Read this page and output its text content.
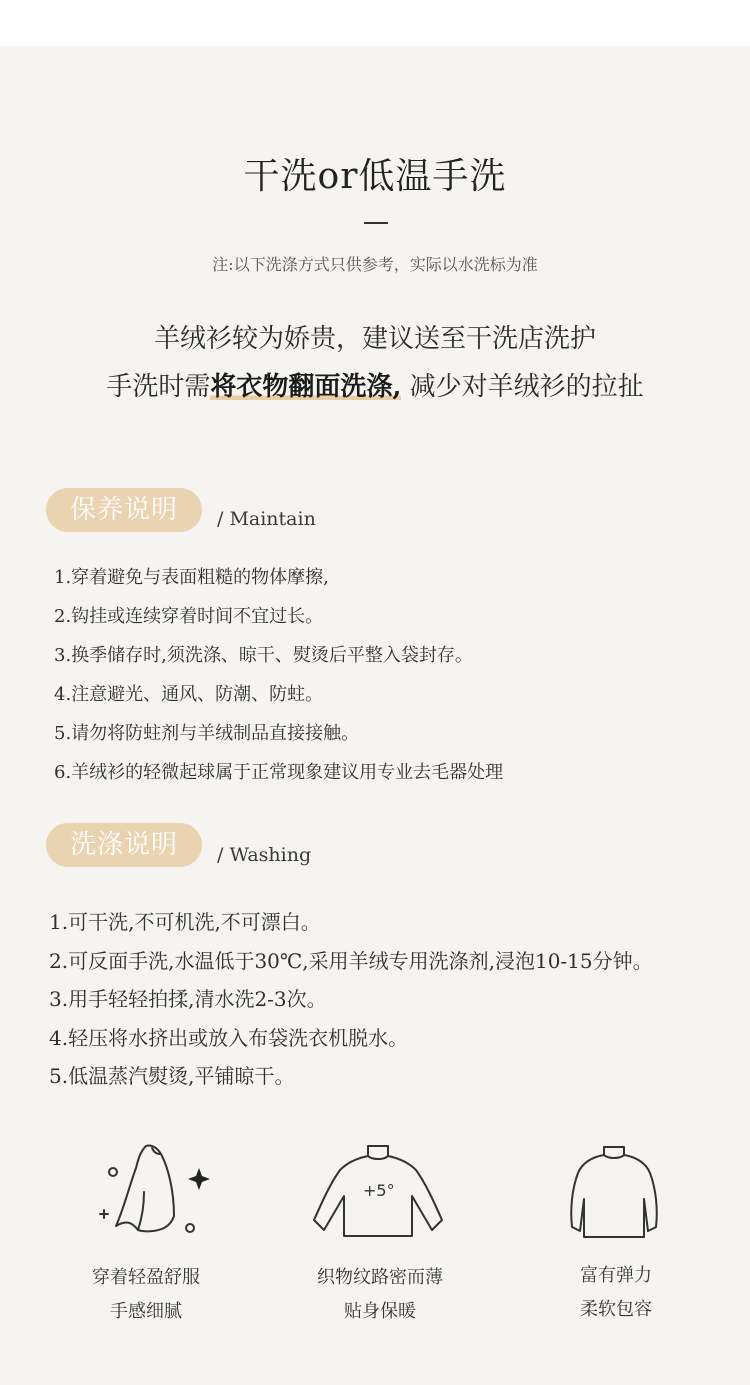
干洗or低温手洗
注:以下洗涤方式只供参考，实际以水洗标为准
羊绒衫较为娇贵，建议送至干洗店洗护
手洗时需将衣物翻面洗涤, 减少对羊绒衫的拉扯
保养说明	/ Maintain
1.穿着避免与表面粗糙的物体摩擦,
2.钩挂或连续穿着时间不宜过长。
3.换季储存时,须洗涤、晾干、熨烫后平整入袋封存。
4.注意避光、通风、防潮、防蛀。
5.请勿将防蛀剂与羊绒制品直接接触。
6.羊绒衫的轻微起球属于正常现象建议用专业去毛器处理
洗涤说明	/ Washing
1.可干洗,不可机洗,不可漂白。
2.可反面手洗,水温低于30℃,采用羊绒专用洗涤剂,浸泡10-15分钟。
3.用手轻轻拍揉,清水洗2-3次。
4.轻压将水挤出或放入布袋洗衣机脱水。
5.低温蒸汽熨烫,平铺晾干。
+5°
穿着轻盈舒服
手感细腻
织物纹路密而薄
贴身保暖
富有弹力
柔软包容
